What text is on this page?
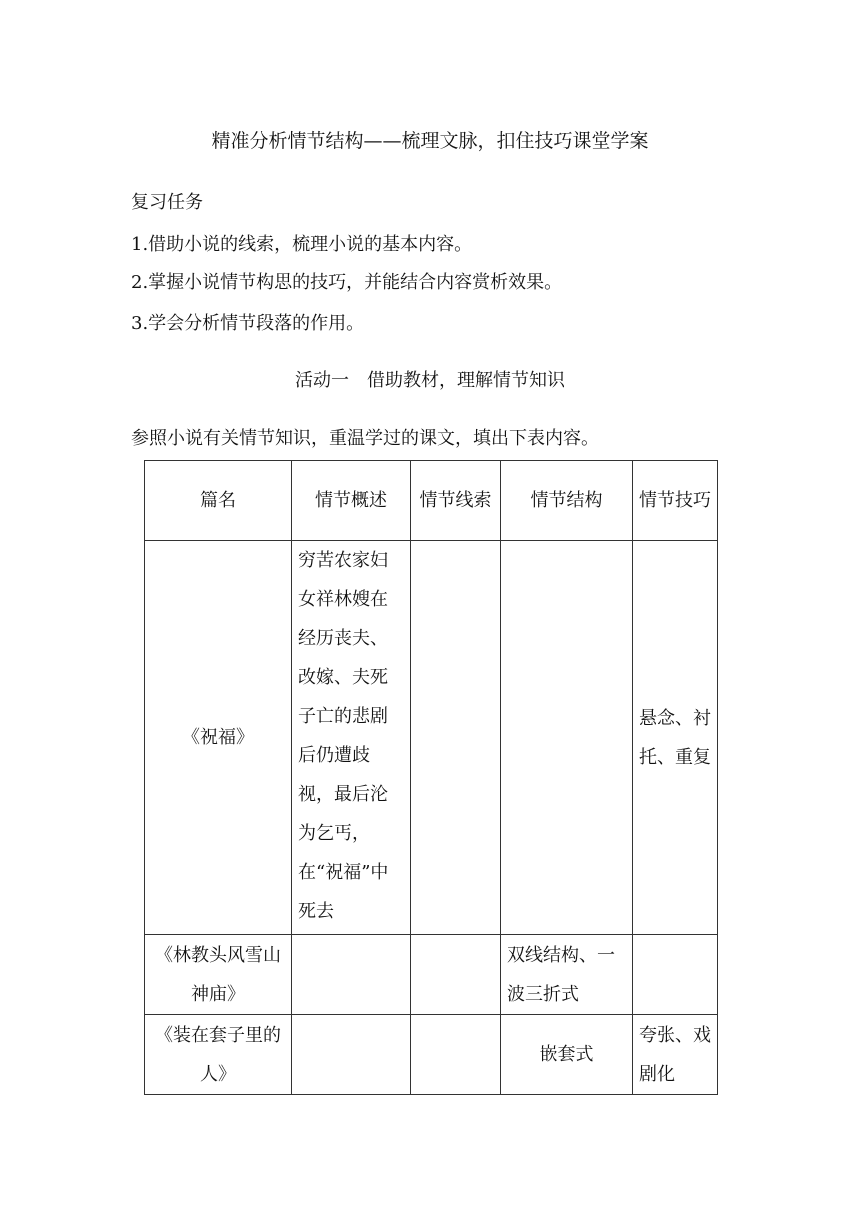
精准分析情节结构——梳理文脉，扣住技巧课堂学案
复习任务
1.借助小说的线索，梳理小说的基本内容。
2.掌握小说情节构思的技巧，并能结合内容赏析效果。
3.学会分析情节段落的作用。
活动一　借助教材，理解情节知识
参照小说有关情节知识，重温学过的课文，填出下表内容。
篇名	情节概述	情节线索	情节结构	情节技巧

《祝福》	穷苦农家妇女祥林嫂在经历丧夫、改嫁、夫死子亡的悲剧后仍遭歧视，最后沦为乞丐，在“祝福”中死去			悬念、衬托、重复

《林教头风雪山神庙》			双线结构、一波三折式	

《装在套子里的人》			嵌套式	夸张、戏剧化
